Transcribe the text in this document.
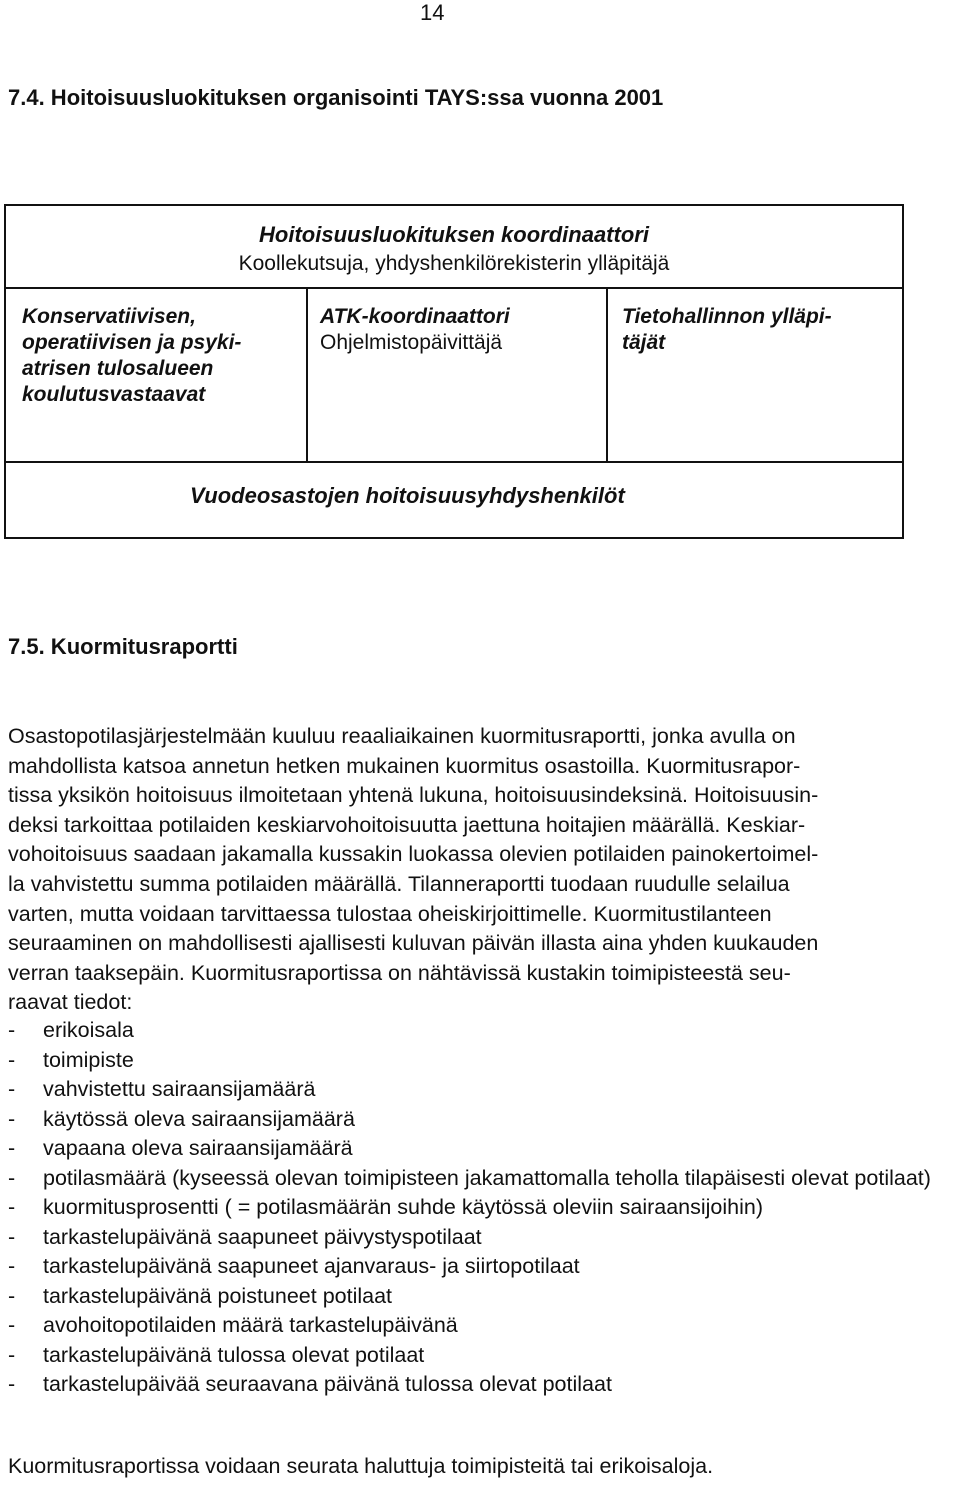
14
7.4. Hoitoisuusluokituksen organisointi TAYS:ssa vuonna 2001
Hoitoisuusluokituksen koordinaattori
Koollekutsuja, yhdyshenkilörekisterin ylläpitäjä
Konservatiivisen,
operatiivisen ja psyki-
atrisen tulosalueen
koulutusvastaavat
ATK-koordinaattori
Ohjelmistopäivittäjä
Tietohallinnon ylläpi-
täjät
Vuodeosastojen hoitoisuusyhdyshenkilöt
7.5. Kuormitusraportti
Osastopotilasjärjestelmään kuuluu reaaliaikainen kuormitusraportti, jonka avulla on
mahdollista katsoa annetun hetken mukainen kuormitus osastoilla. Kuormitusrapor-
tissa yksikön hoitoisuus ilmoitetaan yhtenä lukuna, hoitoisuusindeksinä. Hoitoisuusin-
deksi tarkoittaa potilaiden keskiarvohoitoisuutta jaettuna hoitajien määrällä. Keskiar-
vohoitoisuus saadaan jakamalla kussakin luokassa olevien potilaiden painokertoimel-
la vahvistettu summa potilaiden määrällä. Tilanneraportti tuodaan ruudulle selailua
varten, mutta voidaan tarvittaessa tulostaa oheiskirjoittimelle. Kuormitustilanteen
seuraaminen on mahdollisesti ajallisesti kuluvan päivän illasta aina yhden kuukauden
verran taaksepäin. Kuormitusraportissa on nähtävissä kustakin toimipisteestä seu-
raavat tiedot:
- erikoisala
- toimipiste
- vahvistettu sairaansijamäärä
- käytössä oleva sairaansijamäärä
- vapaana oleva sairaansijamäärä
- potilasmäärä (kyseessä olevan toimipisteen jakamattomalla teholla tilapäisesti olevat potilaat)
- kuormitusprosentti ( = potilasmäärän suhde käytössä oleviin sairaansijoihin)
- tarkastelupäivänä saapuneet päivystyspotilaat
- tarkastelupäivänä saapuneet ajanvaraus- ja siirtopotilaat
- tarkastelupäivänä poistuneet potilaat
- avohoitopotilaiden määrä tarkastelupäivänä
- tarkastelupäivänä tulossa olevat potilaat
- tarkastelupäivää seuraavana päivänä tulossa olevat potilaat
Kuormitusraportissa voidaan seurata haluttuja toimipisteitä tai erikoisaloja.
